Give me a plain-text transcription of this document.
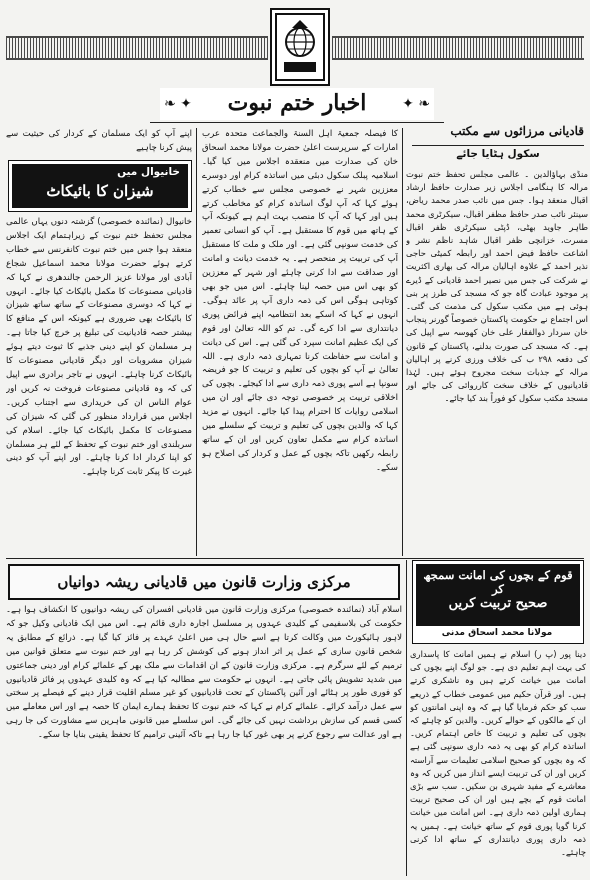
❧ ✦	اخبار ختم نبوت	✦ ❧
قادیانی مرزائوں سے مکتب
سکول ہٹایا جائے
منڈی بہاؤالدین ۔ عالمی مجلس تحفظ ختم نبوت مرالہ کا ہنگامی اجلاس زیر صدارت حافظ ارشاد اقبال منعقد ہوا۔ جس میں نائب صدر محمد ریاض، سینئر نائب صدر حافظ مظفر اقبال، سیکرٹری محمد طاہر جاوید بھٹی، ڈپٹی سیکرٹری ظفر اقبال مسرت، خزانچی ظفر اقبال شاہد ناظم نشر و اشاعت حافظ فیض احمد اور رابطہ کمیٹی حاجی نذیر احمد کے علاوہ اہالیان مرالہ کی بھاری اکثریت نے شرکت کی جس میں نصیر احمد قادیانی کے ڈیرے پر موجود عبادت گاہ جو کہ مسجد کی طرز پر بنی ہوئی ہے میں مکتب سکول کی مذمت کی گئی۔ اس اجتماع نے حکومت پاکستان خصوصاً گورنر پنجاب خان سردار ذوالفقار علی خان کھوسہ سے اپیل کی ہے۔ کہ مسجد کی صورت بدلنے، پاکستان کے قانون کی دفعہ ۲۹۸ ب کی خلاف ورزی کرنے پر اہالیان مرالہ کے جذبات سخت مجروح ہوئے ہیں۔ لہٰذا قادیانیوں کے خلاف سخت کارروائی کی جائے اور مسجد مکتب سکول کو فوراً بند کیا جائے۔
کا فیصلہ جمعیۃ اہل السنۃ والجماعت متحدہ عرب امارات کے سرپرست اعلیٰ حضرت مولانا محمد اسحاق خان کی صدارت میں منعقدہ اجلاس میں کیا گیا۔ اسلامیہ پبلک سکول دبئی میں اساتذہ کرام اور دوسرے معززین شہر نے خصوصی مجلس سے خطاب کرتے ہوئے کہا کہ آپ لوگ اساتذہ کرام کو مخاطب کرتے ہیں اور کہا کہ آپ کا منصب بہت اہم ہے کیونکہ آپ کے ہاتھ میں قوم کا مستقبل ہے۔ آپ کو انسانی تعمیر کی خدمت سونپی گئی ہے۔ اور ملک و ملت کا مستقبل آپ کی تربیت پر منحصر ہے۔ یہ خدمت دیانت و امانت اور صداقت سے ادا کرنی چاہئے اور شہر کے معززین کو بھی اس میں حصہ لینا چاہئے۔ اس میں جو بھی کوتاہی ہوگی اس کی ذمہ داری آپ پر عائد ہوگی۔ انہوں نے کہا کہ اسکے بعد انتظامیہ اپنے فرائض پوری دیانتداری سے ادا کرے گی۔ تم کو اللہ تعالیٰ اور قوم کی ایک عظیم امانت سپرد کی گئی ہے۔ اس کی دیانت و امانت سے حفاظت کرنا تمہاری ذمہ داری ہے۔ اللہ تعالیٰ نے آپ کو بچوں کی تعلیم و تربیت کا جو فریضہ سونپا ہے اسے پوری ذمہ داری سے ادا کیجئے۔ بچوں کی اخلاقی تربیت پر خصوصی توجہ دی جائے اور ان میں اسلامی روایات کا احترام پیدا کیا جائے۔ انہوں نے مزید کہا کہ والدین بچوں کی تعلیم و تربیت کے سلسلے میں اساتذہ کرام سے مکمل تعاون کریں اور ان کے ساتھ رابطہ رکھیں تاکہ بچوں کے عمل و کردار کی اصلاح ہو سکے۔
اپنے آپ کو ایک مسلمان کے کردار کی حیثیت سے پیش کرنا چاہیے
خانیوال میں
شیزان کا بائیکاٹ
خانیوال (نمائندہ خصوصی) گزشتہ دنوں یہاں عالمی مجلس تحفظ ختم نبوت کے زیراہتمام ایک اجلاس منعقد ہوا جس میں ختم نبوت کانفرنس سے خطاب کرتے ہوئے حضرت مولانا محمد اسماعیل شجاع آبادی اور مولانا عزیز الرحمن جالندھری نے کہا کہ قادیانی مصنوعات کا مکمل بائیکاٹ کیا جائے۔ انہوں نے کہا کہ دوسری مصنوعات کے ساتھ ساتھ شیزان کا بائیکاٹ بھی ضروری ہے کیونکہ اس کے منافع کا بیشتر حصہ قادیانیت کی تبلیغ پر خرچ کیا جاتا ہے۔ ہر مسلمان کو اپنے دینی جذبے کا ثبوت دیتے ہوئے شیزان مشروبات اور دیگر قادیانی مصنوعات کا بائیکاٹ کرنا چاہئے۔ انہوں نے تاجر برادری سے اپیل کی کہ وہ قادیانی مصنوعات فروخت نہ کریں اور عوام الناس ان کی خریداری سے اجتناب کریں۔ اجلاس میں قرارداد منظور کی گئی کہ شیزان کی مصنوعات کا مکمل بائیکاٹ کیا جائے۔ اسلام کی سربلندی اور ختم نبوت کے تحفظ کے لئے ہر مسلمان کو اپنا کردار ادا کرنا چاہئے۔ اور اپنے آپ کو دینی غیرت کا پیکر ثابت کرنا چاہئے۔
مرکزی وزارت قانون میں قادیانی ریشہ دوانیاں
اسلام آباد (نمائندہ خصوصی) مرکزی وزارت قانون میں قادیانی افسران کی ریشہ دوانیوں کا انکشاف ہوا ہے۔ حکومت کی بلاسفیمی کے کلیدی عہدوں پر مسلسل اجارہ داری قائم ہے۔ اس میں ایک قادیانی وکیل جو کہ لاہور ہائیکورٹ میں وکالت کرتا ہے اسے حال ہی میں اعلیٰ عہدے پر فائز کیا گیا ہے۔ ذرائع کے مطابق یہ شخص قانون سازی کے عمل پر اثر انداز ہونے کی کوشش کر رہا ہے اور ختم نبوت سے متعلق قوانین میں ترمیم کے لئے سرگرم ہے۔ مرکزی وزارت قانون کے ان اقدامات سے ملک بھر کے علمائے کرام اور دینی جماعتوں میں شدید تشویش پائی جاتی ہے۔ انہوں نے حکومت سے مطالبہ کیا ہے کہ وہ کلیدی عہدوں پر فائز قادیانیوں کو فوری طور پر ہٹائے اور آئین پاکستان کے تحت قادیانیوں کو غیر مسلم اقلیت قرار دینے کے فیصلے پر سختی سے عمل درآمد کرائے۔ علمائے کرام نے کہا کہ ختم نبوت کا تحفظ ہمارے ایمان کا حصہ ہے اور اس معاملے میں کسی قسم کی سازش برداشت نہیں کی جائے گی۔ اس سلسلے میں قانونی ماہرین سے مشاورت کی جا رہی ہے اور عدالت سے رجوع کرنے پر بھی غور کیا جا رہا ہے تاکہ آئینی ترامیم کا تحفظ یقینی بنایا جا سکے۔
قوم کے بچوں کی امانت سمجھ کر
صحیح تربیت کریں
مولانا محمد اسحاق مدنی
دینا پور (پ ر) اسلام نے ہمیں امانت کا پاسداری کی بہت اہم تعلیم دی ہے۔ جو لوگ اپنے بچوں کی امانت میں خیانت کرتے ہیں وہ ناشکری کرتے ہیں۔ اور قرآن حکیم میں عمومی خطاب کے ذریعے سب کو حکم فرمایا گیا ہے کہ وہ اپنی امانتوں کو ان کے مالکوں کے حوالے کریں۔ والدین کو چاہئے کہ بچوں کی تعلیم و تربیت کا خاص اہتمام کریں۔ اساتذہ کرام کو بھی یہ ذمہ داری سونپی گئی ہے کہ وہ بچوں کو صحیح اسلامی تعلیمات سے آراستہ کریں اور ان کی تربیت ایسے انداز میں کریں کہ وہ معاشرے کے مفید شہری بن سکیں۔ سب سے بڑی امانت قوم کے بچے ہیں اور ان کی صحیح تربیت ہماری اولین ذمہ داری ہے۔ اس امانت میں خیانت کرنا گویا پوری قوم کے ساتھ خیانت ہے۔ ہمیں یہ ذمہ داری پوری دیانتداری کے ساتھ ادا کرنی چاہئے۔
